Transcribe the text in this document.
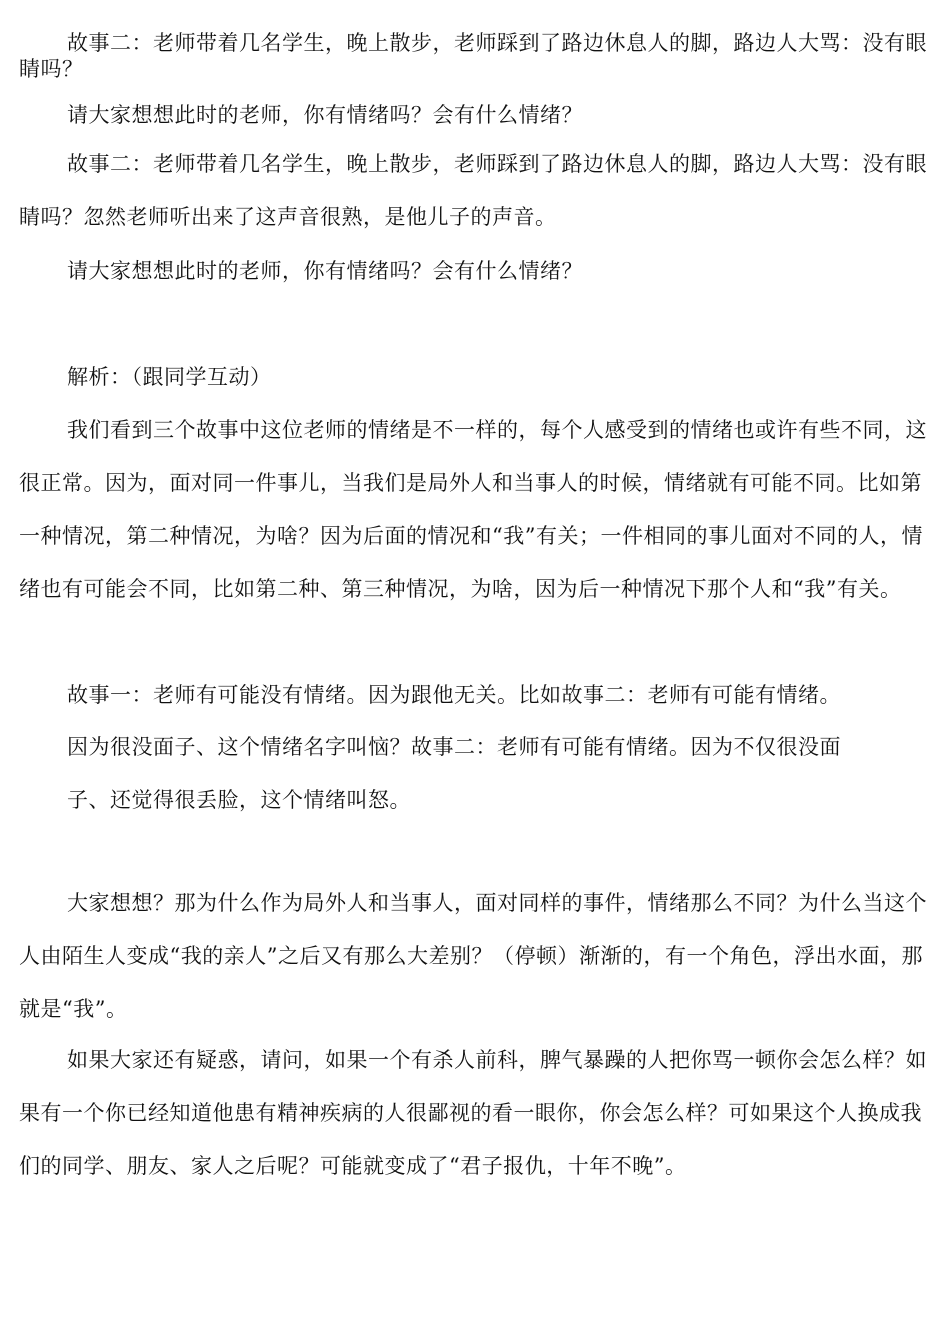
故事二：老师带着几名学生，晚上散步，老师踩到了路边休息人的脚，路边人大骂：没有眼睛吗？

请大家想想此时的老师，你有情绪吗？会有什么情绪？

故事二：老师带着几名学生，晚上散步，老师踩到了路边休息人的脚，路边人大骂：没有眼睛吗？忽然老师听出来了这声音很熟，是他儿子的声音。

请大家想想此时的老师，你有情绪吗？会有什么情绪？

解析：（跟同学互动）

我们看到三个故事中这位老师的情绪是不一样的，每个人感受到的情绪也或许有些不同，这很正常。因为，面对同一件事儿，当我们是局外人和当事人的时候，情绪就有可能不同。比如第一种情况，第二种情况，为啥？因为后面的情况和“我”有关；一件相同的事儿面对不同的人，情绪也有可能会不同，比如第二种、第三种情况，为啥，因为后一种情况下那个人和“我”有关。

故事一：老师有可能没有情绪。因为跟他无关。比如故事二：老师有可能有情绪。

因为很没面子、这个情绪名字叫恼？故事二：老师有可能有情绪。因为不仅很没面

子、还觉得很丢脸，这个情绪叫怒。

大家想想？那为什么作为局外人和当事人，面对同样的事件，情绪那么不同？为什么当这个人由陌生人变成“我的亲人”之后又有那么大差别？（停顿）渐渐的，有一个角色，浮出水面，那就是“我”。

如果大家还有疑惑，请问，如果一个有杀人前科，脾气暴躁的人把你骂一顿你会怎么样？如果有一个你已经知道他患有精神疾病的人很鄙视的看一眼你，你会怎么样？可如果这个人换成我们的同学、朋友、家人之后呢？可能就变成了“君子报仇，十年不晚”。
